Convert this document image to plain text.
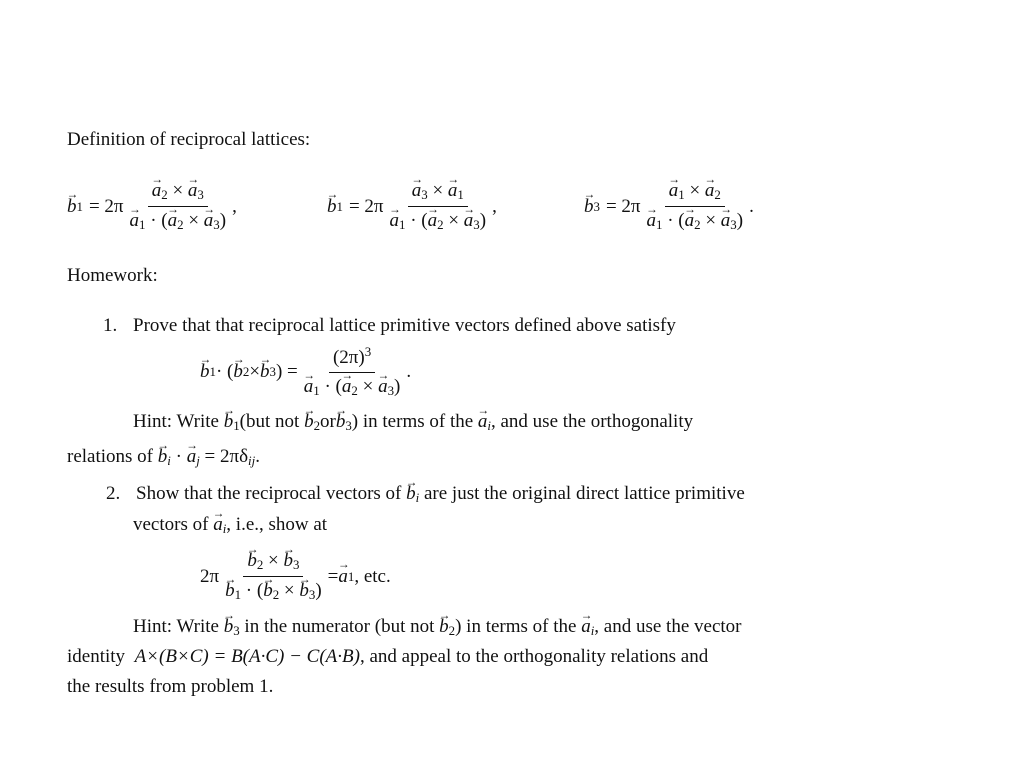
Definition of reciprocal lattices:
→ b 1 = 2π
→ $a_2$ × → $a_3$
→ $a_1$ · (→ $a_2$ × → $a_3$) ,
→	b 1 = 2π
→ $a_3$ × → $a_1$
→ $a_1$ · (→ $a_2$ × → $a_3$) ,
→	b 3 = 2π
→ $a_1$ × → $a_2$
→ $a_1$ · (→ $a_2$ × → $a_3$) .
Homework:
1. Prove that that reciprocal lattice primitive vectors defined above satisfy
→ b 1 · (
→ b 2 ×
→ b 3 ) = $(2\pi)^3$
→ $a_1$ · (→ $a_2$ × → $a_3$) .
Hint: Write → $b_1(but$ not → $b_2or\to b_3$) in terms of the → $a_i$, and use the orthogonality
relations of → $b_i$ · → $a_j = 2\pi\delta_{ij}$.
2. Show that the reciprocal vectors of → $b_i$ are just the original direct lattice primitive
vectors of → $a_i$, i.e., show at
2π
→ $b_2$ × → $b_3$
→ $b_1$ · (→ $b_2$ × → $b_3$) =
→ a 1 , etc.
Hint: Write → $b_3$ in the numerator (but not → $b_2$) in terms of the → $a_i$, and use the vector
identity A×(B×C) = B(A·C) − C(A·B), and appeal to the orthogonality relations and
the results from problem 1.
